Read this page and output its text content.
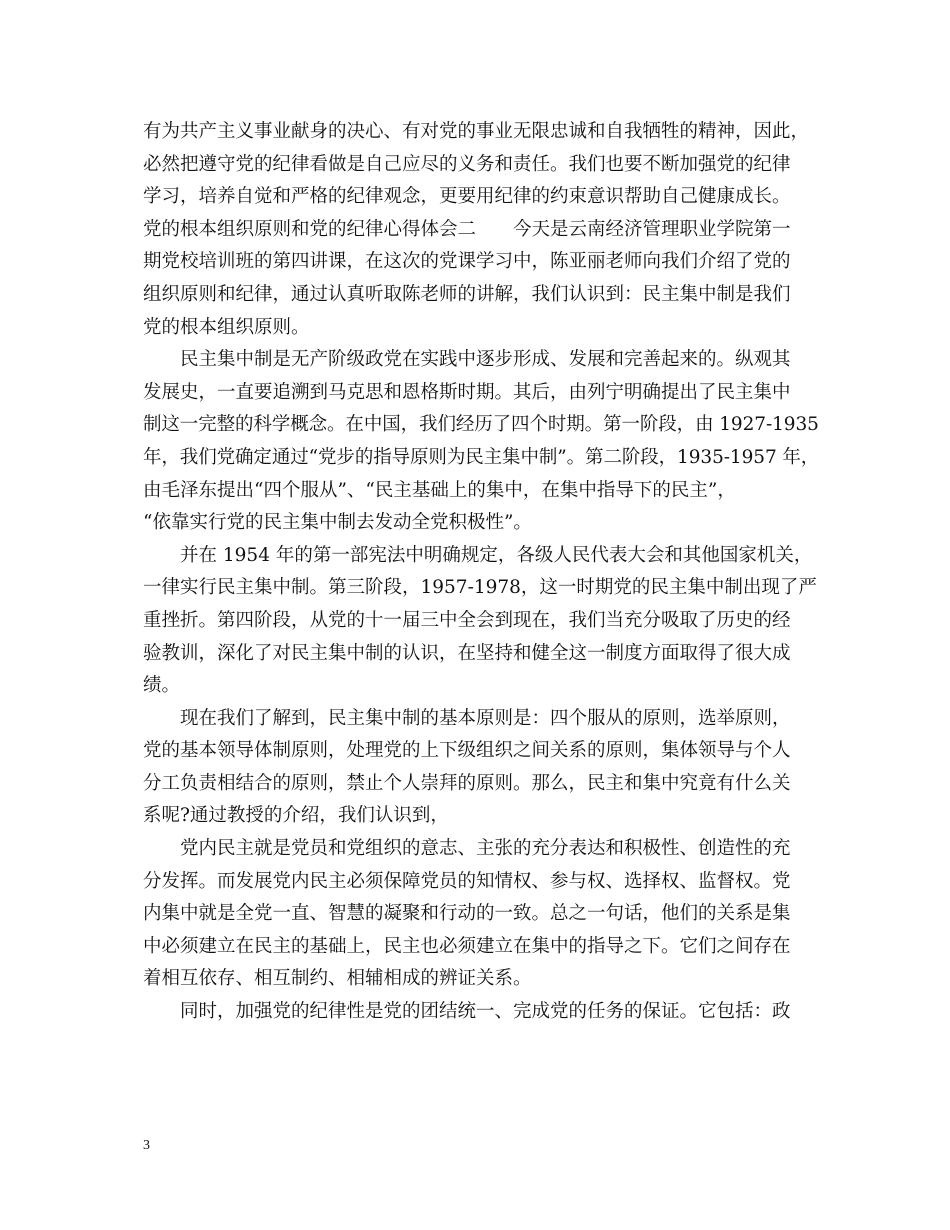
有为共产主义事业献身的决心、有对党的事业无限忠诚和自我牺牲的精神，因此，
必然把遵守党的纪律看做是自己应尽的义务和责任。我们也要不断加强党的纪律
学习，培养自觉和严格的纪律观念，更要用纪律的约束意识帮助自己健康成长。
党的根本组织原则和党的纪律心得体会二　　今天是云南经济管理职业学院第一
期党校培训班的第四讲课，在这次的党课学习中，陈亚丽老师向我们介绍了党的
组织原则和纪律，通过认真听取陈老师的讲解，我们认识到：民主集中制是我们
党的根本组织原则。
民主集中制是无产阶级政党在实践中逐步形成、发展和完善起来的。纵观其
发展史，一直要追溯到马克思和恩格斯时期。其后，由列宁明确提出了民主集中
制这一完整的科学概念。在中国，我们经历了四个时期。第一阶段，由 1927-1935
年，我们党确定通过“党步的指导原则为民主集中制”。第二阶段，1935-1957 年，
由毛泽东提出“四个服从”、“民主基础上的集中，在集中指导下的民主”，
“依靠实行党的民主集中制去发动全党积极性”。
并在 1954 年的第一部宪法中明确规定，各级人民代表大会和其他国家机关，
一律实行民主集中制。第三阶段，1957-1978，这一时期党的民主集中制出现了严
重挫折。第四阶段，从党的十一届三中全会到现在，我们当充分吸取了历史的经
验教训，深化了对民主集中制的认识，在坚持和健全这一制度方面取得了很大成
绩。
现在我们了解到，民主集中制的基本原则是：四个服从的原则，选举原则，
党的基本领导体制原则，处理党的上下级组织之间关系的原则，集体领导与个人
分工负责相结合的原则，禁止个人崇拜的原则。那么，民主和集中究竟有什么关
系呢?通过教授的介绍，我们认识到，
党内民主就是党员和党组织的意志、主张的充分表达和积极性、创造性的充
分发挥。而发展党内民主必须保障党员的知情权、参与权、选择权、监督权。党
内集中就是全党一直、智慧的凝聚和行动的一致。总之一句话，他们的关系是集
中必须建立在民主的基础上，民主也必须建立在集中的指导之下。它们之间存在
着相互依存、相互制约、相辅相成的辨证关系。
同时，加强党的纪律性是党的团结统一、完成党的任务的保证。它包括：政
3
